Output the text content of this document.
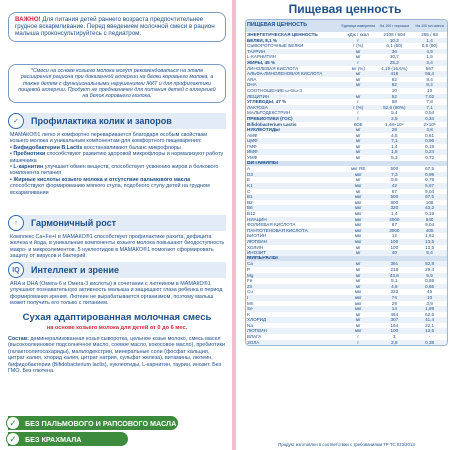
ВАЖНО! Для питания детей раннего возраста предпочтительнее грудное вскармливание. Перед введением молочной смеси в рацион малыша проконсультируйтесь с педиатром.
*Смеси на основе козьего молока могут рекомендоваться на этапе расширения рациона при доказанной аллергии на белки коровьего молока, а также детям с функциональными нарушениями ЖКТ и для профилактики пищевой аллергии. Продукт не предназначен для питания детей с аллергией на белок коровьего молока.
✓	Профилактика колик и запоров
МАМАКО®1 легко и комфортно переваривается благодаря особым свойствам козьего молока и уникальным компонентам для комфортного пищеварения:
• Бифидобактерии B.Lactis восстанавливают баланс микрофлоры
• Пребиотики способствуют развитию здоровой микрофлоры и нормализуют работу кишечника
• L-карнитин улучшает обмен веществ, способствует усвоению жиров и белкового компонента питания
• Жирные кислоты козьего молока и отсутствие пальмового масла способствуют формированию мягкого стула, подобного стулу детей на грудном вскармливании
↑	Гармоничный рост
Комплекс Ca+Fe+I в МАМАКО®1 способствует профилактике рахита, дефицита железа и йода, в уникальные компоненты козьего молока повышают биодоступность макро- и микроэлементов. 5 нуклеотидов в МАМАКО®1 помогают сформировать защиту от вирусов и бактерий.
IQ	Интеллект и зрение
ARA и DHA (Омега-6 и Омега-3 кислоты) в сочетании с лютеином в МАМАКО®1 улучшают познавательную активность малыша и защищают глаза ребенка в период формирования зрения. Лютеин не вырабатывается организмом, поэтому малыш может получить его только с питанием.
Сухая адаптированная молочная смесь
на основе козьего молока для детей от 0 до 6 мес.
Состав: деминерализованная козья сыворотка, цельное козье молоко, смесь масел (высокоолеиновое подсолнечное масло, соевое масло, кокосовое масло), пребиотики (галактоолигосахариды), мальтодекстрин, минеральные соли (фосфат кальция, цитрат калия, хлорид калия, цитрат натрия, сульфат железа), витамины, лютеин, бифидобактерии (Bifidobacterium lactis), нуклеотиды, L-карнитин, таурин, инозит. Без ГМО. Без глютена.
✓	БЕЗ ПАЛЬМОВОГО И РАПСОВОГО МАСЛА
✓	БЕЗ КРАХМАЛА
Пищевая ценность
ПИЩЕВАЯ ЦЕННОСТЬ	Единица измерения	На 100 г порошка	На 100 мл смеси
ЭНЕРГЕТИЧЕСКАЯ ЦЕННОСТЬ	кДж / ккал	2108 / 504	285 / 68
БЕЛКИ, 8,1 %	г	10,2	1,4
СЫВОРОТОЧНЫЕ БЕЛКИ	г (%)	6,1 (60)	0,8 (60)
ТАУРИН	мг	36	4,9
L-КАРНИТИН	мг	10,7	1,5
ЖИРЫ, 45 %	г	25,2	3,4
ЛИНОЛЕВАЯ КИСЛОТА	мг (%)	4,19 (16,6%)	567
АЛЬФА-ЛИНОЛЕНОВАЯ КИСЛОТА	мг	418	56,4
ARA	мг	62	8,4
DHA	мг	62	8,4
СООТНОШЕНИЕ ω-6/ω-3		10	10
ЛЕЦИТИН	мг	52	7,02
УГЛЕВОДЫ, 47 %	г	58	7,8
ЛАКТОЗА	г (%)	52,6 (90%)	7,1
МАЛЬТОДЕКСТРИН	г	5,4	0,54
ПРЕБИОТИКИ (ГОС)	г	2,5	0,34
Bifidobacterium Lactis	КОЕ	1,48×10⁹	2×10⁸
НУКЛЕОТИДЫ	мг	28	3,8
АМФ	мг	4,5	0,61
ЦМФ	мг	7,1	0,96
ГМФ	мг	1,4	0,19
ИМФ	мг	1,8	0,24
УМФ	мг	5,3	0,72
ВИТАМИНЫ			
A	мкг RE	500	67,5
D3	мкг	7,3	0,99
E	мг	5,8	0,78
K1	мкг	42	5,67
C	мг	67	9,04
B1	мкг	500	67,5
B2	мкг	800	108
B6	мкг	320	43,2
B12	мкг	1,4	0,19
НИАЦИН	мкг	4000	540
ФОЛИЕВАЯ КИСЛОТА	мкг	67	9,04
ПАНТОТЕНОВАЯ КИСЛОТА	мкг	3000	405
БИОТИН	мкг	12	1,62
ЛЮТЕИН	мкг	100	13,5
ХОЛИН	мг	100	13,5
ИНОЗИТ	мг	40	5,4
МИНЕРАЛЫ			
Ca	мг	391	52,8
P	мг	218	29,4
Mg	мг	43,8	5,9
Fe	мг	5,1	0,69
Zn	мг	4,8	0,65
Cu	мкг	333	45
I	мкг	74	10
Mn	мкг	29	3,9
Se	мкг	14	1,89
K	мг	464	62,6
ХЛОРИД	мг	307	41,4
Na	мг	164	22,1
ЛЮТЕИН	мкг	100	13,5
ВЛАГА	г	3	-
ЗОЛА	г	2,8	0,38
Продукт изготовлен в соответствии с требованиями ТР ТС 033/2013
